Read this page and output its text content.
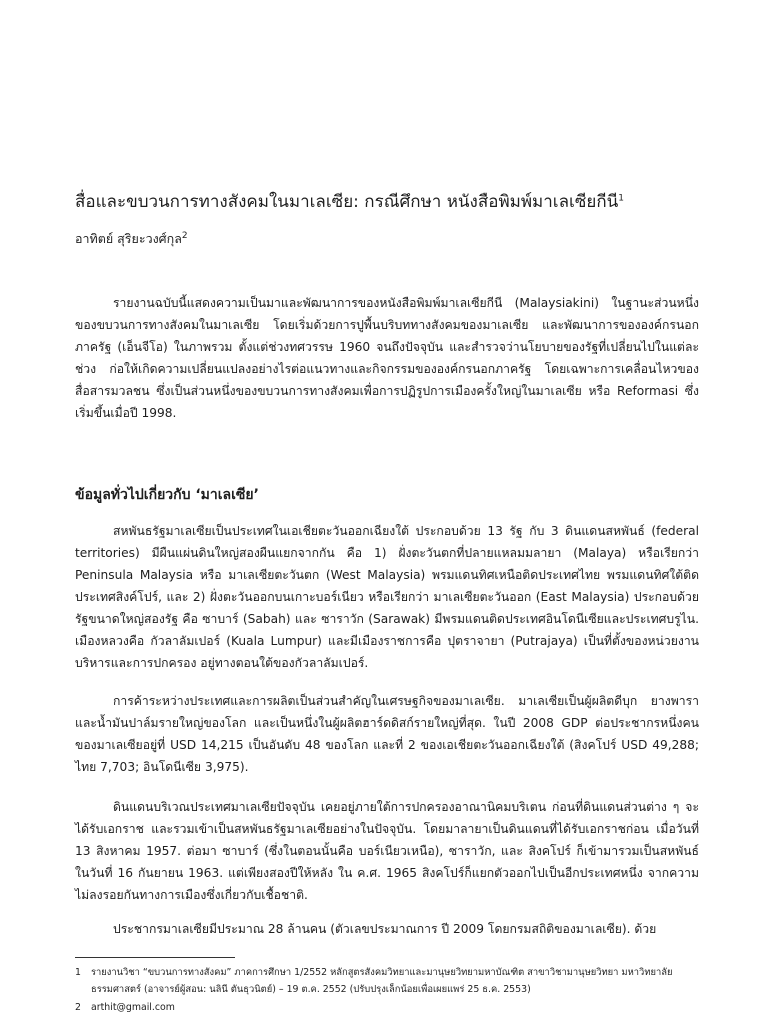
สื่อและขบวนการทางสังคมในมาเลเซีย: กรณีศึกษา หนังสือพิมพ์มาเลเซียกีนี$^1$
อาทิตย์ สุริยะวงศ์กุล$^2$

รายงานฉบับนี้แสดงความเป็นมาและพัฒนาการของหนังสือพิมพ์มาเลเซียกีนี (Malaysiakini) ในฐานะส่วนหนึ่งของขบวนการทางสังคมในมาเลเซีย โดยเริ่มด้วยการปูพื้นบริบททางสังคมของมาเลเซีย และพัฒนาการขององค์กรนอกภาครัฐ (เอ็นจีโอ) ในภาพรวม ตั้งแต่ช่วงทศวรรษ 1960 จนถึงปัจจุบัน และสำรวจว่านโยบายของรัฐที่เปลี่ยนไปในแต่ละช่วง ก่อให้เกิดความเปลี่ยนแปลงอย่างไรต่อแนวทางและกิจกรรมขององค์กรนอกภาครัฐ โดยเฉพาะการเคลื่อนไหวของสื่อสารมวลชน ซึ่งเป็นส่วนหนึ่งของขบวนการทางสังคมเพื่อการปฏิรูปการเมืองครั้งใหญ่ในมาเลเซีย หรือ Reformasi ซึ่งเริ่มขึ้นเมื่อปี 1998.

ข้อมูลทั่วไปเกี่ยวกับ ‘มาเลเซีย’

สหพันธรัฐมาเลเซียเป็นประเทศในเอเชียตะวันออกเฉียงใต้ ประกอบด้วย 13 รัฐ กับ 3 ดินแดนสหพันธ์ (federal territories) มีผืนแผ่นดินใหญ่สองผืนแยกจากกัน คือ 1) ฝั่งตะวันตกที่ปลายแหลมมลายา (Malaya) หรือเรียกว่า Peninsula Malaysia หรือ มาเลเซียตะวันตก (West Malaysia) พรมแดนทิศเหนือติดประเทศไทย พรมแดนทิศใต้ติดประเทศสิงค์โปร์, และ 2) ฝั่งตะวันออกบนเกาะบอร์เนียว หรือเรียกว่า มาเลเซียตะวันออก (East Malaysia) ประกอบด้วยรัฐขนาดใหญ่สองรัฐ คือ ซาบาร์ (Sabah) และ ซาราวัก (Sarawak) มีพรมแดนติดประเทศอินโดนีเซียและประเทศบรูไน. เมืองหลวงคือ กัวลาลัมเปอร์ (Kuala Lumpur) และมีเมืองราชการคือ ปุตราจายา (Putrajaya) เป็นที่ตั้งของหน่วยงานบริหารและการปกครอง อยู่ทางตอนใต้ของกัวลาลัมเปอร์.

การค้าระหว่างประเทศและการผลิตเป็นส่วนสำคัญในเศรษฐกิจของมาเลเซีย. มาเลเซียเป็นผู้ผลิตดีบุก ยางพารา และน้ำมันปาล์มรายใหญ่ของโลก และเป็นหนึ่งในผู้ผลิตฮาร์ดดิสก์รายใหญ่ที่สุด. ในปี 2008 GDP ต่อประชากรหนึ่งคนของมาเลเซียอยู่ที่ USD 14,215 เป็นอันดับ 48 ของโลก และที่ 2 ของเอเชียตะวันออกเฉียงใต้ (สิงคโปร์ USD 49,288; ไทย 7,703; อินโดนีเซีย 3,975).

ดินแดนบริเวณประเทศมาเลเซียปัจจุบัน เคยอยู่ภายใต้การปกครองอาณานิคมบริเตน ก่อนที่ดินแดนส่วนต่าง ๆ จะได้รับเอกราช และรวมเข้าเป็นสหพันธรัฐมาเลเซียอย่างในปัจจุบัน. โดยมาลายาเป็นดินแดนที่ได้รับเอกราชก่อน เมื่อวันที่ 13 สิงหาคม 1957. ต่อมา ซาบาร์ (ซึ่งในตอนนั้นคือ บอร์เนียวเหนือ), ซาราวัก, และ สิงคโปร์ ก็เข้ามารวมเป็นสหพันธ์ ในวันที่ 16 กันยายน 1963. แต่เพียงสองปีให้หลัง ใน ค.ศ. 1965 สิงคโปร์ก็แยกตัวออกไปเป็นอีกประเทศหนึ่ง จากความไม่ลงรอยกันทางการเมืองซึ่งเกี่ยวกับเชื้อชาติ.

ประชากรมาเลเซียมีประมาณ 28 ล้านคน (ตัวเลขประมาณการ ปี 2009 โดยกรมสถิติของมาเลเซีย). ด้วย

1 รายงานวิชา “ขบวนการทางสังคม” ภาคการศึกษา 1/2552 หลักสูตรสังคมวิทยาและมานุษยวิทยามหาบัณฑิต สาขาวิชามานุษยวิทยา มหาวิทยาลัยธรรมศาสตร์ (อาจารย์ผู้สอน: นลินี ตันธุวนิตย์) – 19 ต.ค. 2552 (ปรับปรุงเล็กน้อยเพื่อเผยแพร่ 25 ธ.ค. 2553)
2 arthit@gmail.com
